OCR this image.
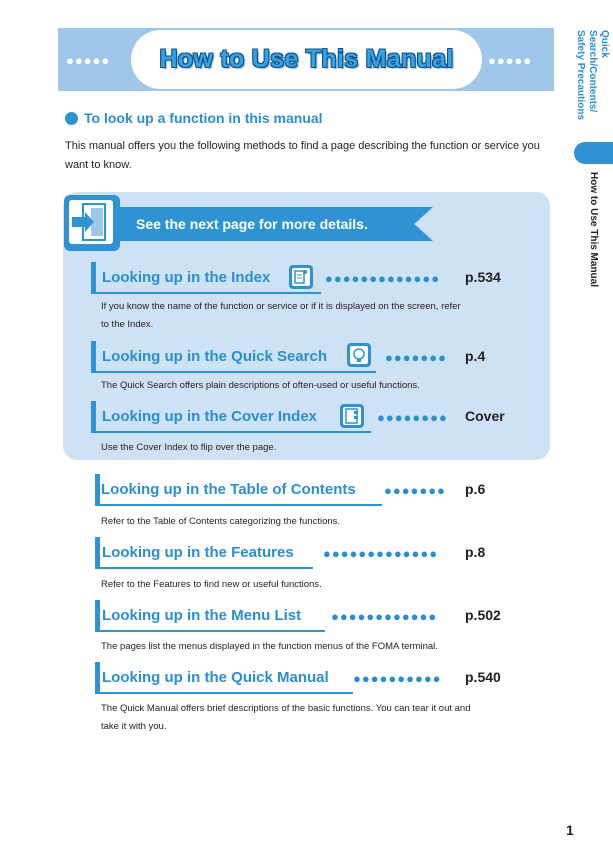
●●●●●	●●●●●
How to Use This Manual
Quick Search/Contents/ Safety Precautions
How to Use This Manual
To look up a function in this manual
This manual offers you the following methods to find a page describing the function or service you want to know.
See the next page for more details.
Looking up in the Index	●●●●●●●●●●●●● p.534
If you know the name of the function or service or if it is displayed on the screen, refer to the Index.
Looking up in the Quick Search	●●●●●●● p.4
The Quick Search offers plain descriptions of often-used or useful functions.
Looking up in the Cover Index	●●●●●●●● Cover
Use the Cover Index to flip over the page.
Looking up in the Table of Contents ●●●●●●● p.6
Refer to the Table of Contents categorizing the functions.
Looking up in the Features ●●●●●●●●●●●●● p.8
Refer to the Features to find new or useful functions.
Looking up in the Menu List ●●●●●●●●●●●● p.502
The pages list the menus displayed in the function menus of the FOMA terminal.
Looking up in the Quick Manual ●●●●●●●●●● p.540
The Quick Manual offers brief descriptions of the basic functions. You can tear it out and take it with you.
1
